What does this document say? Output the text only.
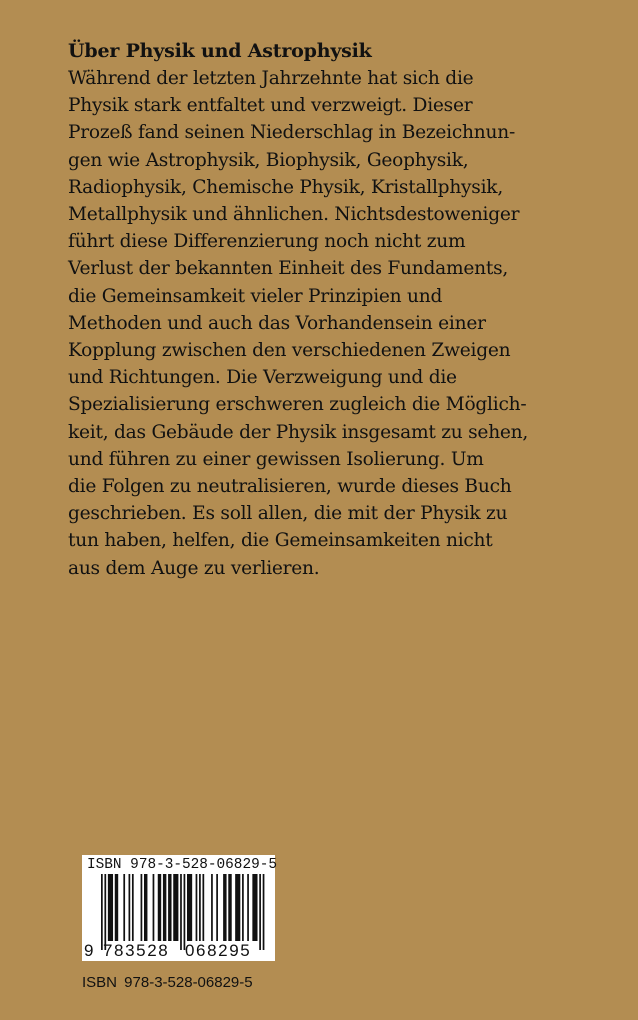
Über Physik und Astrophysik
Während der letzten Jahrzehnte hat sich die
Physik stark entfaltet und verzweigt. Dieser
Prozeß fand seinen Niederschlag in Bezeichnun-
gen wie Astrophysik, Biophysik, Geophysik,
Radiophysik, Chemische Physik, Kristallphysik,
Metallphysik und ähnlichen. Nichtsdestoweniger
führt diese Differenzierung noch nicht zum
Verlust der bekannten Einheit des Fundaments,
die Gemeinsamkeit vieler Prinzipien und
Methoden und auch das Vorhandensein einer
Kopplung zwischen den verschiedenen Zweigen
und Richtungen. Die Verzweigung und die
Spezialisierung erschweren zugleich die Möglich-
keit, das Gebäude der Physik insgesamt zu sehen,
und führen zu einer gewissen Isolierung. Um
die Folgen zu neutralisieren, wurde dieses Buch
geschrieben. Es soll allen, die mit der Physik zu
tun haben, helfen, die Gemeinsamkeiten nicht
aus dem Auge zu verlieren.
ISBN 978-3-528-06829-5
9 783528 068295
ISBN 978-3-528-06829-5
